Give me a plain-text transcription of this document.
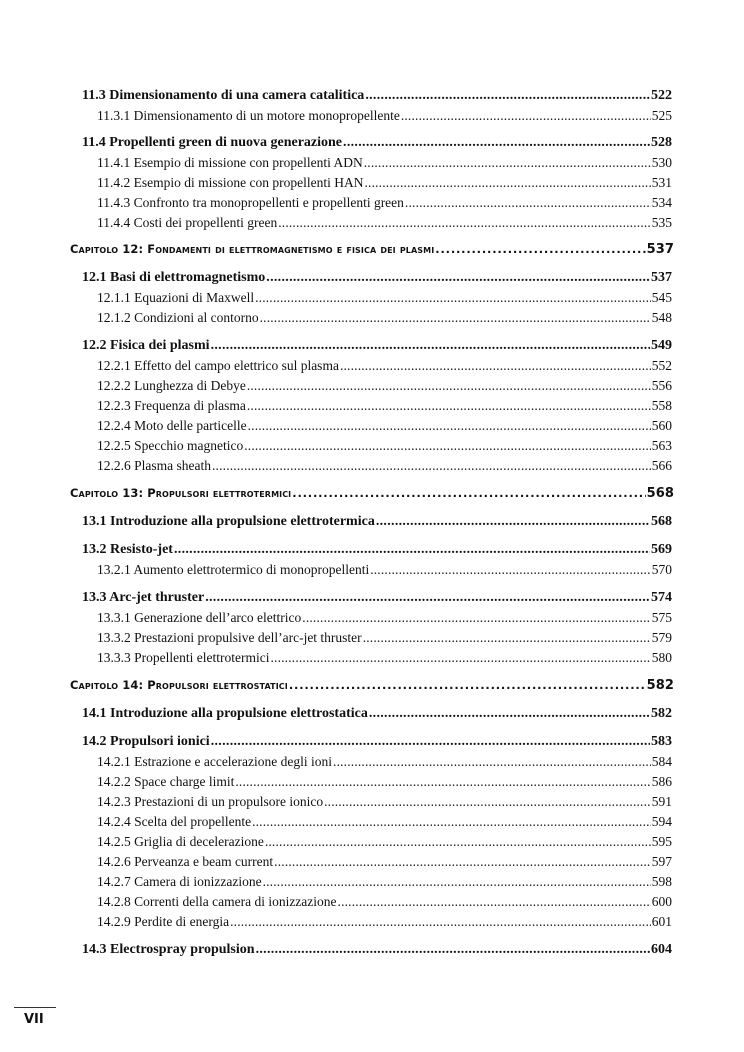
11.3 Dimensionamento di una camera catalitica . . .	522
11.3.1 Dimensionamento di un motore monopropellente . . .	525
11.4 Propellenti green di nuova generazione . . .	528
11.4.1 Esempio di missione con propellenti ADN . . .	530
11.4.2 Esempio di missione con propellenti HAN . . .	531
11.4.3 Confronto tra monopropellenti e propellenti green . . .	534
11.4.4 Costi dei propellenti green . . .	535
Capitolo 12: Fondamenti di elettromagnetismo e fisica dei plasmi . . .	537
12.1 Basi di elettromagnetismo . . .	537
12.1.1 Equazioni di Maxwell . . .	545
12.1.2 Condizioni al contorno . . .	548
12.2 Fisica dei plasmi . . .	549
12.2.1 Effetto del campo elettrico sul plasma . . .	552
12.2.2 Lunghezza di Debye . . .	556
12.2.3 Frequenza di plasma . . .	558
12.2.4 Moto delle particelle . . .	560
12.2.5 Specchio magnetico . . .	563
12.2.6 Plasma sheath . . .	566
Capitolo 13: Propulsori elettrotermici . . .	568
13.1 Introduzione alla propulsione elettrotermica . . .	568
13.2 Resisto-jet . . .	569
13.2.1 Aumento elettrotermico di monopropellenti . . .	570
13.3 Arc-jet thruster . . .	574
13.3.1 Generazione dell’arco elettrico . . .	575
13.3.2 Prestazioni propulsive dell’arc-jet thruster . . .	579
13.3.3 Propellenti elettrotermici . . .	580
Capitolo 14: Propulsori elettrostatici . . .	582
14.1 Introduzione alla propulsione elettrostatica . . .	582
14.2 Propulsori ionici . . .	583
14.2.1 Estrazione e accelerazione degli ioni . . .	584
14.2.2 Space charge limit . . .	586
14.2.3 Prestazioni di un propulsore ionico . . .	591
14.2.4 Scelta del propellente . . .	594
14.2.5 Griglia di decelerazione . . .	595
14.2.6 Perveanza e beam current . . .	597
14.2.7 Camera di ionizzazione . . .	598
14.2.8 Correnti della camera di ionizzazione . . .	600
14.2.9 Perdite di energia . . .	601
14.3 Electrospray propulsion . . .	604
VII
